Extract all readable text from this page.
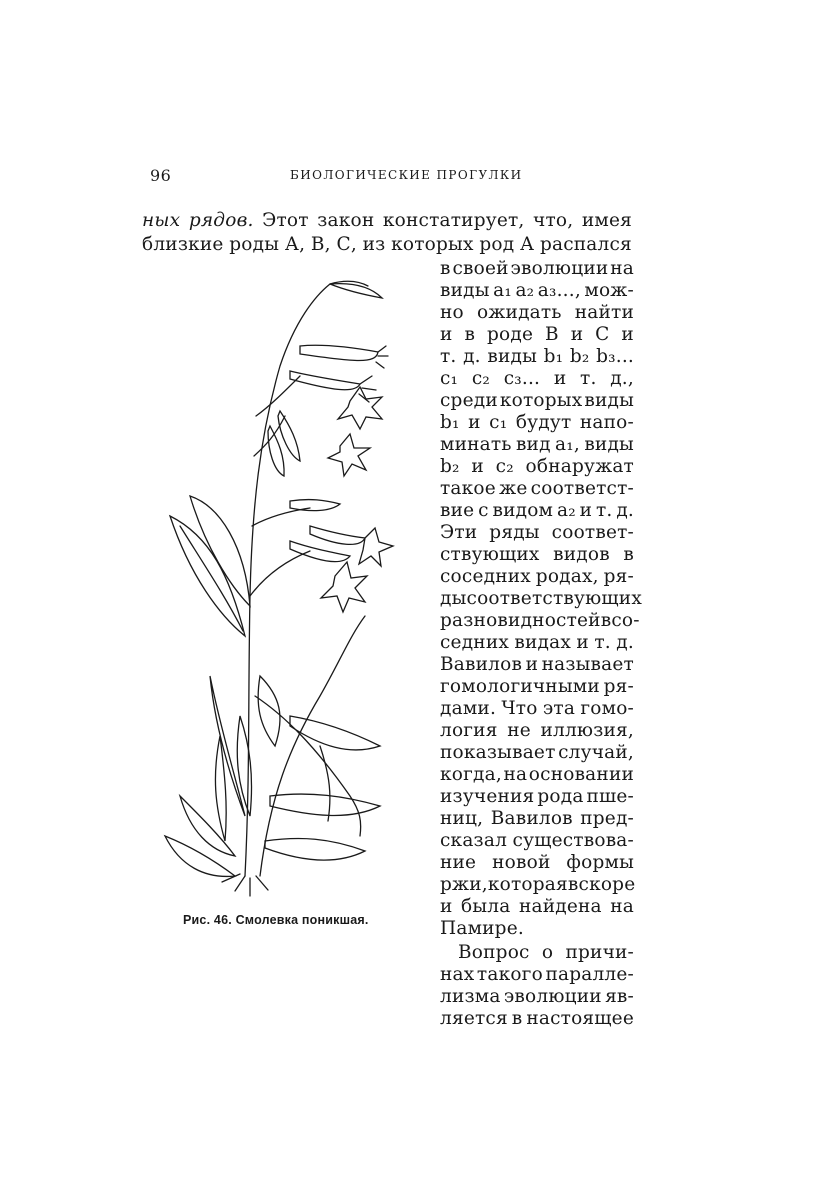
96	БИОЛОГИЧЕСКИЕ ПРОГУЛКИ
ных рядов. Этот закон констатирует, что, имея
близкие роды А, В, С, из которых род А распался
в своей эволюции на
виды a₁ a₂ a₃..., мож-
но ожидать найти
и в роде В и С и
т. д. виды b₁ b₂ b₃...
c₁ c₂ c₃... и т. д.,
среди которых виды
b₁ и c₁ будут напо-
минать вид a₁, виды
b₂ и c₂ обнаружат
такое же соответст-
вие с видом a₂ и т. д.
Эти ряды соответ-
ствующих видов в
соседних родах, ря-
ды соответствующих
разновидностей в со-
седних видах и т. д.
Вавилов и называет
гомологичными ря-
дами. Что эта гомо-
логия не иллюзия,
показывает случай,
когда, на основании
изучения рода пше-
ниц, Вавилов пред-
сказал существова-
ние новой формы
ржи, которая вскоре
и была найдена на
Памире.
Вопрос о причи-
нах такого паралле-
лизма эволюции яв-
ляется в настоящее
Рис. 46. Смолевка поникшая.
